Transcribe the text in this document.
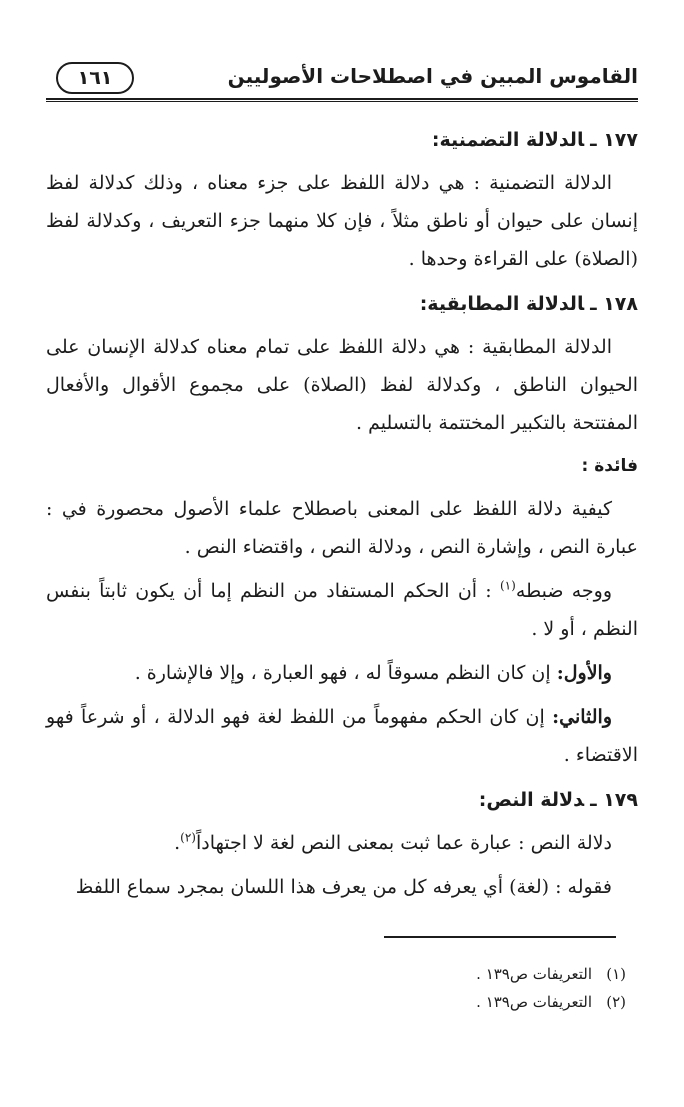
القاموس المبين في اصطلاحات الأصوليين
١٦١
١٧٧ ـالدلالة التضمنية:

الدلالة التضمنية : هي دلالة اللفظ على جزء معناه ، وذلك كدلالة لفظ إنسان على حيوان أو ناطق مثلاً ، فإن كلا منهما جزء التعريف ، وكدلالة لفظ (الصلاة) على القراءة وحدها .

١٧٨ ـالدلالة المطابقية:

الدلالة المطابقية : هي دلالة اللفظ على تمام معناه كدلالة الإنسان على الحيوان الناطق ، وكدلالة لفظ (الصلاة) على مجموع الأقوال والأفعال المفتتحة بالتكبير المختتمة بالتسليم .

فائدة :

كيفية دلالة اللفظ على المعنى باصطلاح علماء الأصول محصورة في : عبارة النص ، وإشارة النص ، ودلالة النص ، واقتضاء النص .

ووجه ضبطه$^{(١)}$ : أن الحكم المستفاد من النظم إما أن يكون ثابتاً بنفس النظم ، أو لا .

والأول: إن كان النظم مسوقاً له ، فهو العبارة ، وإلا فالإشارة .

والثاني: إن كان الحكم مفهوماً من اللفظ لغة فهو الدلالة ، أو شرعاً فهو الاقتضاء .

١٧٩ ـدلالة النص:

دلالة النص : عبارة عما ثبت بمعنى النص لغة لا اجتهاداً$^{(٢)}$.

فقوله : (لغة) أي يعرفه كل من يعرف هذا اللسان بمجرد سماع اللفظ

(١)التعريفات ص١٣٩ .
(٢)التعريفات ص١٣٩ .
